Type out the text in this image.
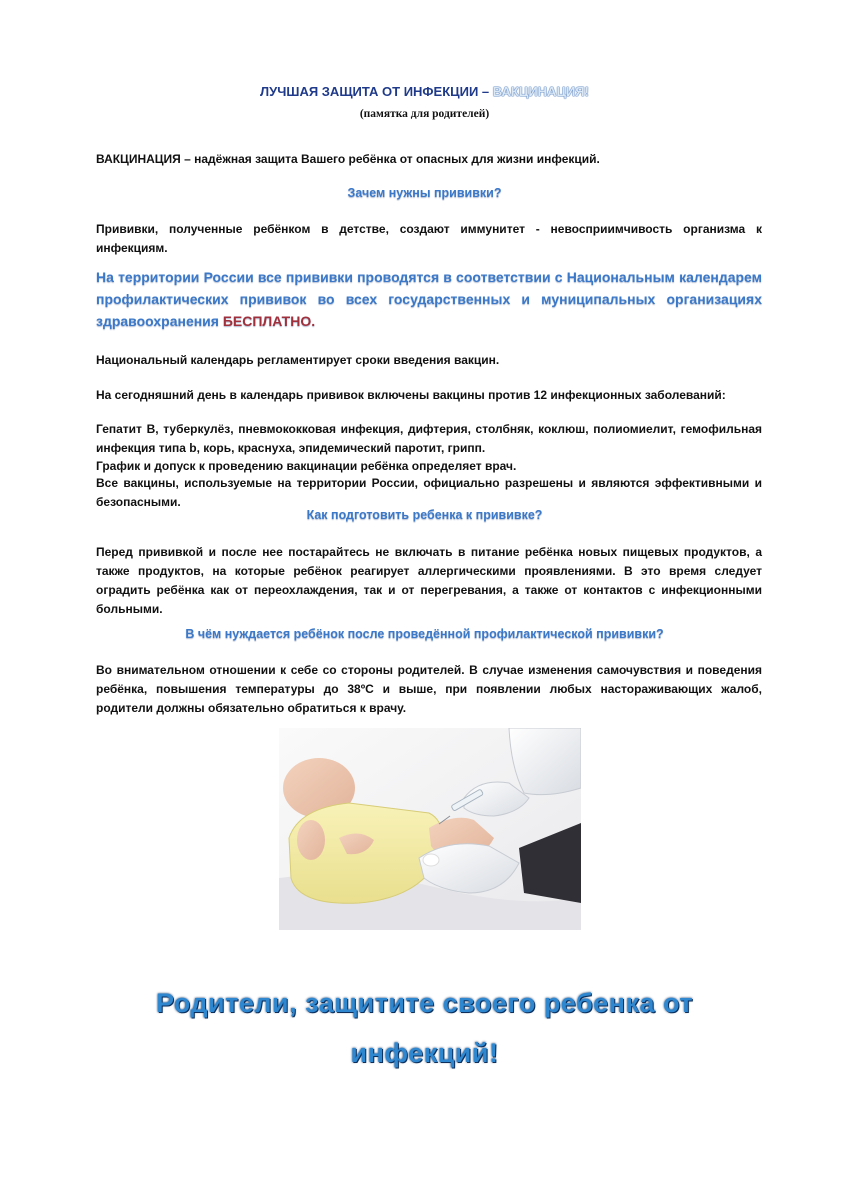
ЛУЧШАЯ ЗАЩИТА ОТ ИНФЕКЦИИ – ВАКЦИНАЦИЯ!
(памятка для родителей)
ВАКЦИНАЦИЯ – надёжная защита Вашего ребёнка от опасных для жизни инфекций.
Зачем нужны прививки?
Прививки, полученные ребёнком в детстве, создают иммунитет - невосприимчивость организма к инфекциям.
На территории России все прививки проводятся в соответствии с Национальным календарем профилактических прививок во всех государственных и муниципальных организациях здравоохранения БЕСПЛАТНО.
Национальный календарь регламентирует сроки введения вакцин.
На сегодняшний день в календарь прививок включены вакцины против 12 инфекционных заболеваний:
Гепатит В, туберкулёз, пневмококковая инфекция, дифтерия, столбняк, коклюш, полиомиелит, гемофильная инфекция типа b, корь, краснуха, эпидемический паротит, грипп.
График и допуск к проведению вакцинации ребёнка определяет врач.
Все вакцины, используемые на территории России, официально разрешены и являются эффективными и безопасными.
Как подготовить ребенка к прививке?
Перед прививкой и после нее постарайтесь не включать в питание ребёнка новых пищевых продуктов, а также продуктов, на которые ребёнок реагирует аллергическими проявлениями. В это время следует оградить ребёнка как от переохлаждения, так и от перегревания, а также от контактов с инфекционными больными.
В чём нуждается ребёнок после проведённой профилактической прививки?
Во внимательном отношении к себе со стороны родителей. В случае изменения самочувствия и поведения ребёнка, повышения температуры до 38ºС и выше, при появлении любых настораживающих жалоб, родители должны обязательно обратиться к врачу.
Родители, защитите своего ребенка от
инфекций!
